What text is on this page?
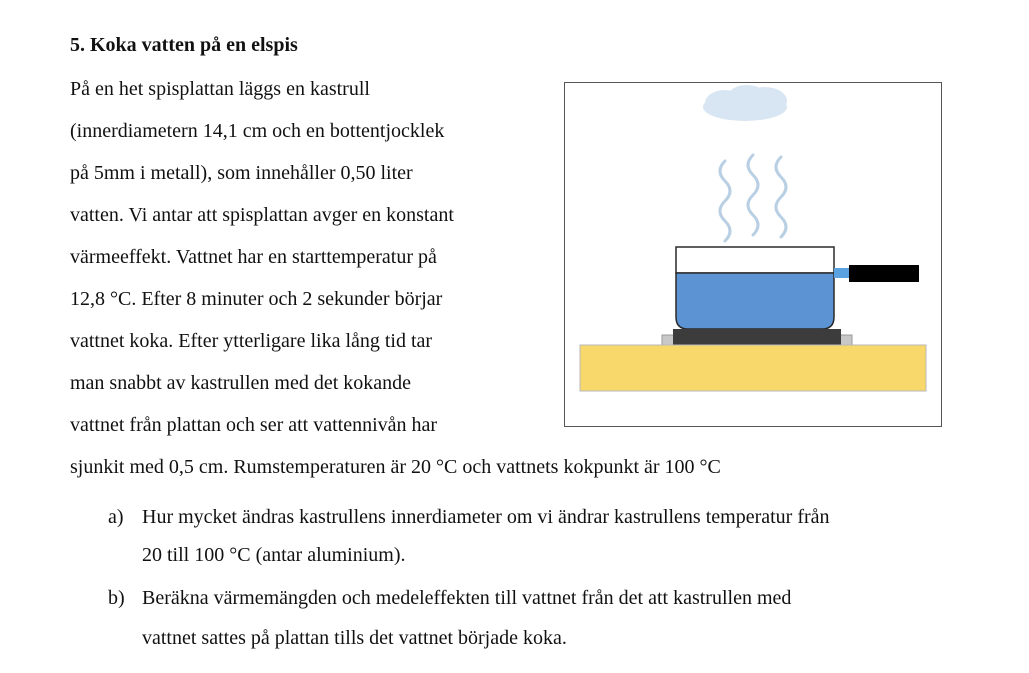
5. Koka vatten på en elspis
På en het spisplattan läggs en kastrull
(innerdiametern 14,1 cm och en bottentjocklek
på 5mm i metall), som innehåller 0,50 liter
vatten. Vi antar att spisplattan avger en konstant
värmeeffekt. Vattnet har en starttemperatur på
12,8 °C. Efter 8 minuter och 2 sekunder börjar
vattnet koka. Efter ytterligare lika lång tid tar
man snabbt av kastrullen med det kokande
vattnet från plattan och ser att vattennivån har
sjunkit med 0,5 cm. Rumstemperaturen är 20 °C och vattnets kokpunkt är 100 °C
a) Hur mycket ändras kastrullens innerdiameter om vi ändrar kastrullens temperatur från
20 till 100 °C (antar aluminium).
b) Beräkna värmemängden och medeleffekten till vattnet från det att kastrullen med
vattnet sattes på plattan tills det vattnet började koka.
